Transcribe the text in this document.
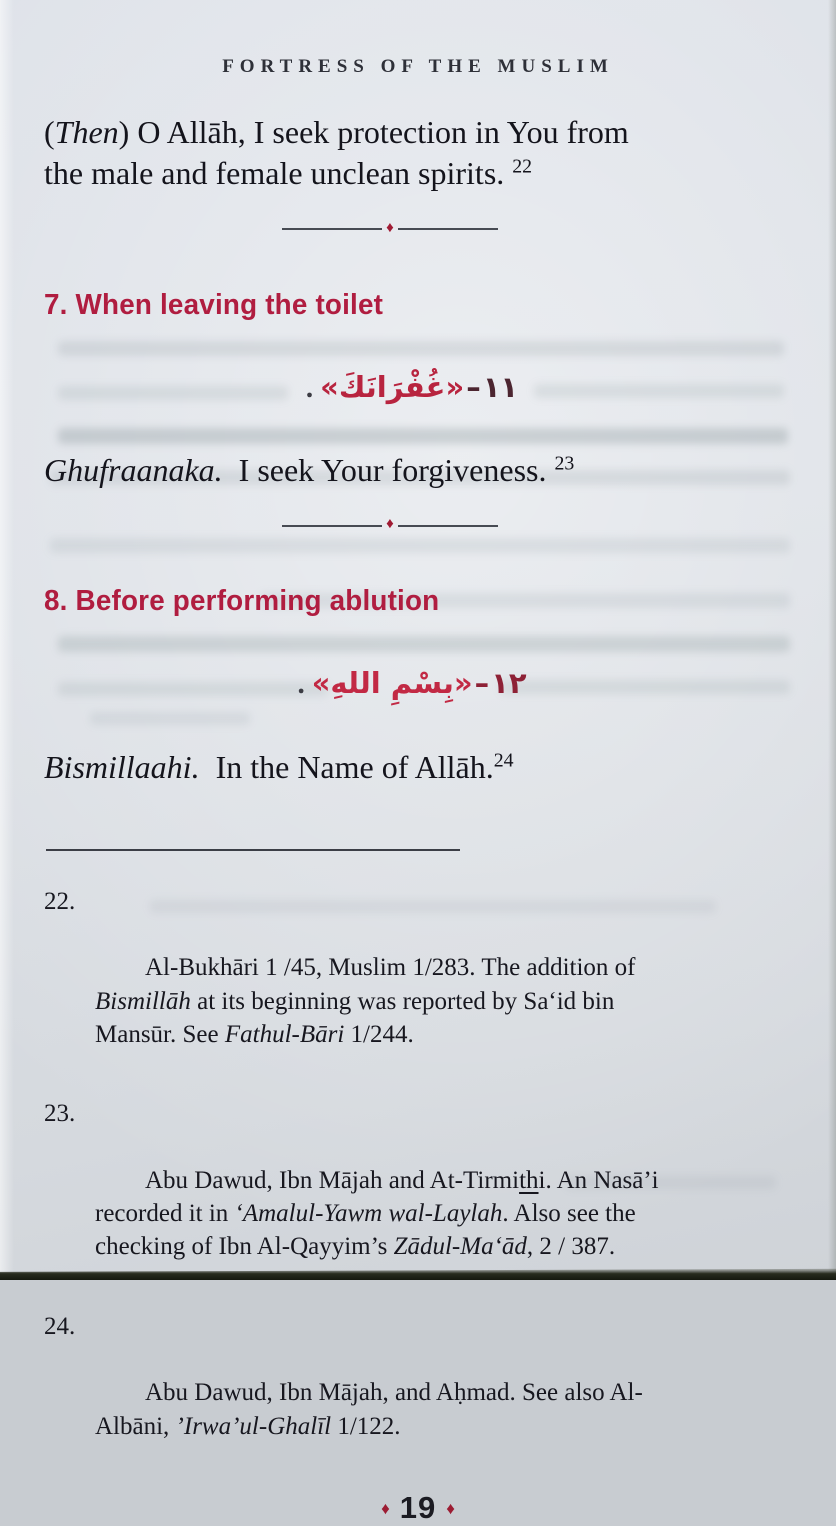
FORTRESS OF THE MUSLIM
(Then) O Allāh, I seek protection in You from
the male and female unclean spirits. $^{22}$
♦
7. When leaving the toilet
١١–«غُفْرَانَكَ».
Ghufraanaka.  I seek Your forgiveness. $^{23}$
♦
8. Before performing ablution
١٢–«بِسْمِ اللهِ».
Bismillaahi.  In the Name of Allāh.$^{24}$

22.

Al-Bukhāri 1 /45, Muslim 1/283. The addition of
Bismillāh at its beginning was reported by Sa‘id bin
Mansūr. See Fathul-Bāri 1/244.

23.

Abu Dawud, Ibn Mājah and At-Tirmithi. An Nasā’i
recorded it in ‘Amalul-Yawm wal-Laylah. Also see the
checking of Ibn Al-Qayyim’s Zādul-Ma‘ād, 2 / 387.

24.

Abu Dawud, Ibn Mājah, and Aḥmad. See also Al-
Albāni, ’Irwa’ul-Ghalīl 1/122.

♦ 19 ♦
